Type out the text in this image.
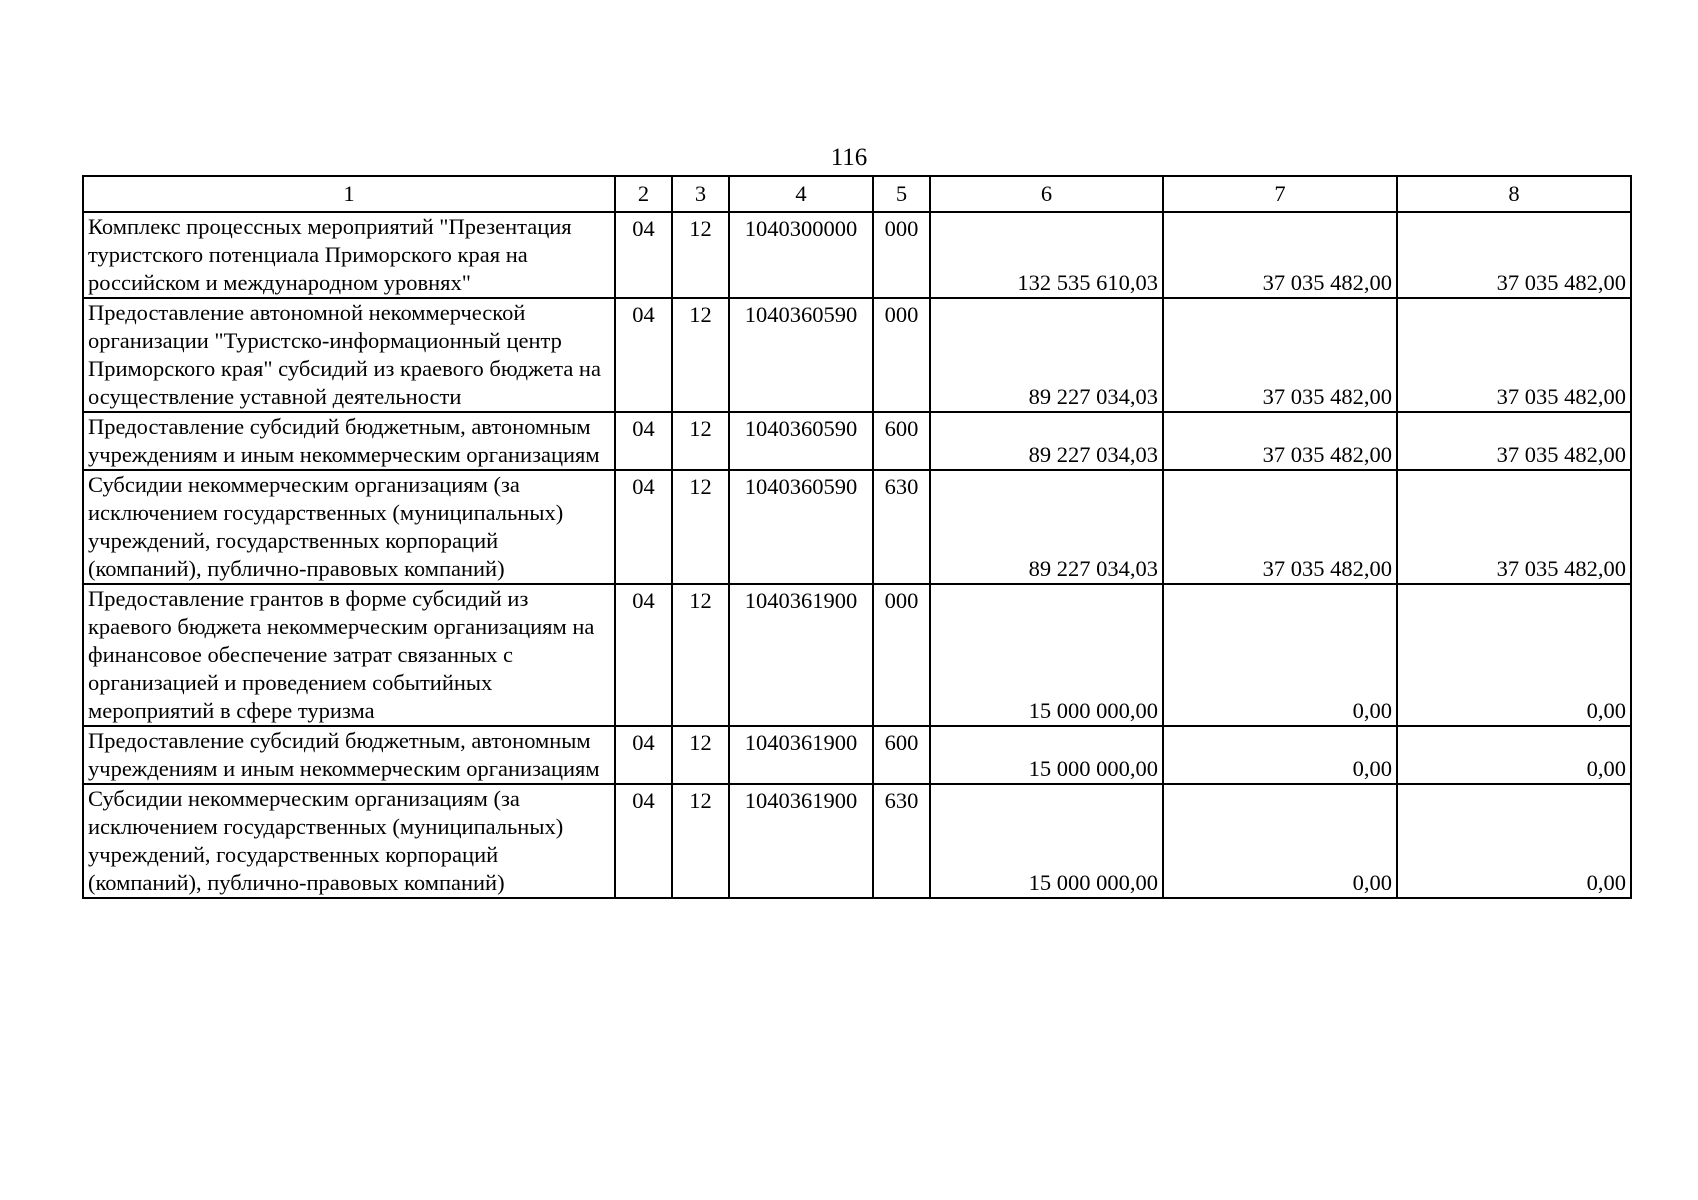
116
1	2	3	4	5	6	7	8
Комплекс процессных мероприятий "Презентация туристского потенциала Приморского края на российском и международном уровнях"	04	12	1040300000	000	132 535 610,03	37 035 482,00	37 035 482,00
Предоставление автономной некоммерческой организации "Туристско-информационный центр Приморского края" субсидий из краевого бюджета на осуществление уставной деятельности	04	12	1040360590	000	89 227 034,03	37 035 482,00	37 035 482,00
Предоставление субсидий бюджетным, автономным учреждениям и иным некоммерческим организациям	04	12	1040360590	600	89 227 034,03	37 035 482,00	37 035 482,00
Субсидии некоммерческим организациям (за исключением государственных (муниципальных) учреждений, государственных корпораций (компаний), публично-правовых компаний)	04	12	1040360590	630	89 227 034,03	37 035 482,00	37 035 482,00
Предоставление грантов в форме субсидий из краевого бюджета некоммерческим организациям на финансовое обеспечение затрат связанных с организацией и проведением событийных мероприятий в сфере туризма	04	12	1040361900	000	15 000 000,00	0,00	0,00
Предоставление субсидий бюджетным, автономным учреждениям и иным некоммерческим организациям	04	12	1040361900	600	15 000 000,00	0,00	0,00
Субсидии некоммерческим организациям (за исключением государственных (муниципальных) учреждений, государственных корпораций (компаний), публично-правовых компаний)	04	12	1040361900	630	15 000 000,00	0,00	0,00
